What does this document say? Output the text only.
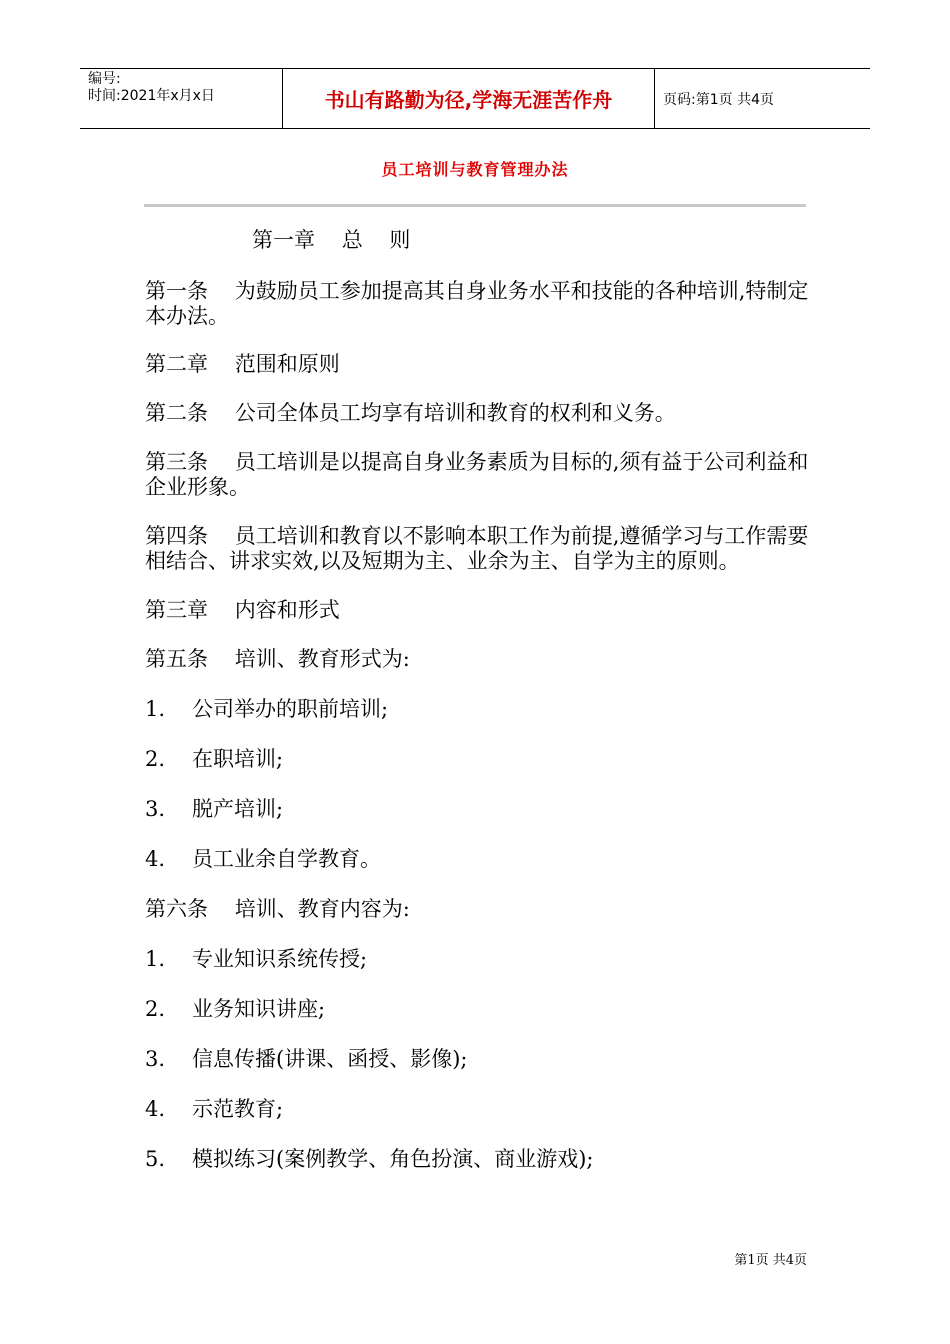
编号:
时间:2021年x月x日	书山有路勤为径,学海无涯苦作舟	页码:第1页 共4页
员工培训与教育管理办法

第一章    总    则

第一条    为鼓励员工参加提高其自身业务水平和技能的各种培训,特制定本办法。

第二章    范围和原则

第二条    公司全体员工均享有培训和教育的权利和义务。

第三条    员工培训是以提高自身业务素质为目标的,须有益于公司利益和企业形象。

第四条    员工培训和教育以不影响本职工作为前提,遵循学习与工作需要相结合、讲求实效,以及短期为主、业余为主、自学为主的原则。

第三章    内容和形式

第五条    培训、教育形式为:

1.	公司举办的职前培训;
2.	在职培训;
3.	脱产培训;
4.	员工业余自学教育。

第六条    培训、教育内容为:

1.	专业知识系统传授;
2.	业务知识讲座;
3.	信息传播(讲课、函授、影像);
4.	示范教育;
5.	模拟练习(案例教学、角色扮演、商业游戏);
第1页 共4页
